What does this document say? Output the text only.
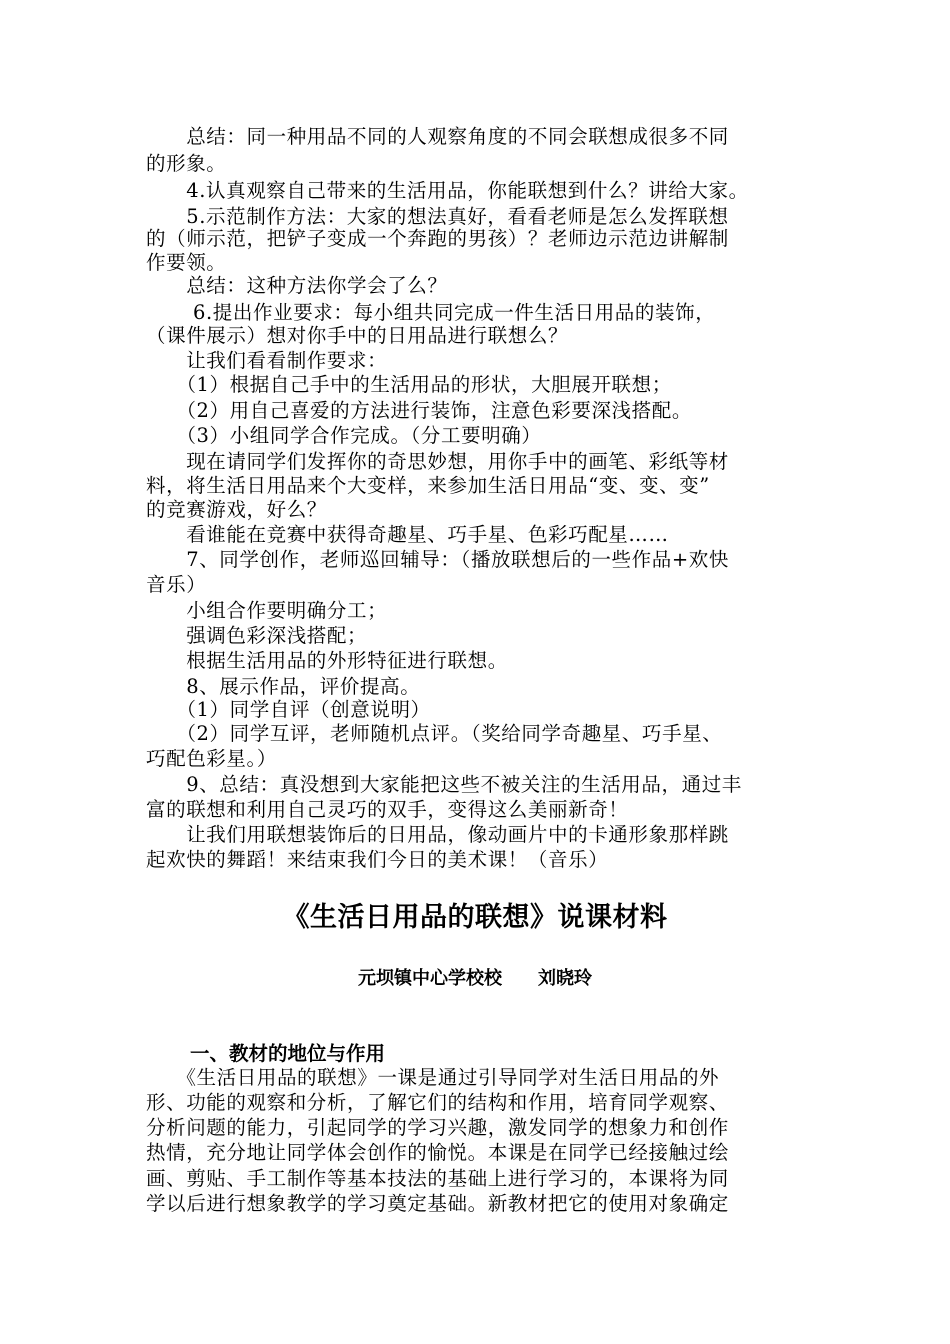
　　总结：同一种用品不同的人观察角度的不同会联想成很多不同
的形象。
　　4.认真观察自己带来的生活用品，你能联想到什么？讲给大家。
　　5.示范制作方法：大家的想法真好，看看老师是怎么发挥联想
的（师示范，把铲子变成一个奔跑的男孩）？老师边示范边讲解制
作要领。
　　总结：这种方法你学会了么？
　　 6.提出作业要求：每小组共同完成一件生活日用品的装饰，
（课件展示）想对你手中的日用品进行联想么？
　　让我们看看制作要求：
　　（1）根据自己手中的生活用品的形状，大胆展开联想；
　　（2）用自己喜爱的方法进行装饰，注意色彩要深浅搭配。
　　（3）小组同学合作完成。（分工要明确）
　　现在请同学们发挥你的奇思妙想，用你手中的画笔、彩纸等材
料，将生活日用品来个大变样，来参加生活日用品“变、变、变”
的竞赛游戏，好么？
　　看谁能在竞赛中获得奇趣星、巧手星、色彩巧配星……
　　7、同学创作，老师巡回辅导：（播放联想后的一些作品+欢快
音乐）
　　小组合作要明确分工；
　　强调色彩深浅搭配；
　　根据生活用品的外形特征进行联想。
　　8、展示作品，评价提高。
　　（1）同学自评（创意说明）
　　（2）同学互评，老师随机点评。（奖给同学奇趣星、巧手星、
巧配色彩星。）
　　9、总结：真没想到大家能把这些不被关注的生活用品，通过丰
富的联想和利用自己灵巧的双手，变得这么美丽新奇！
　　让我们用联想装饰后的日用品，像动画片中的卡通形象那样跳
起欢快的舞蹈！来结束我们今日的美术课！（音乐）
《生活日用品的联想》说课材料
元坝镇中心学校校　　刘晓玲
一、教材的地位与作用
　　《生活日用品的联想》一课是通过引导同学对生活日用品的外
形、功能的观察和分析，了解它们的结构和作用，培育同学观察、
分析问题的能力，引起同学的学习兴趣，激发同学的想象力和创作
热情，充分地让同学体会创作的愉悦。本课是在同学已经接触过绘
画、剪贴、手工制作等基本技法的基础上进行学习的，本课将为同
学以后进行想象教学的学习奠定基础。新教材把它的使用对象确定
